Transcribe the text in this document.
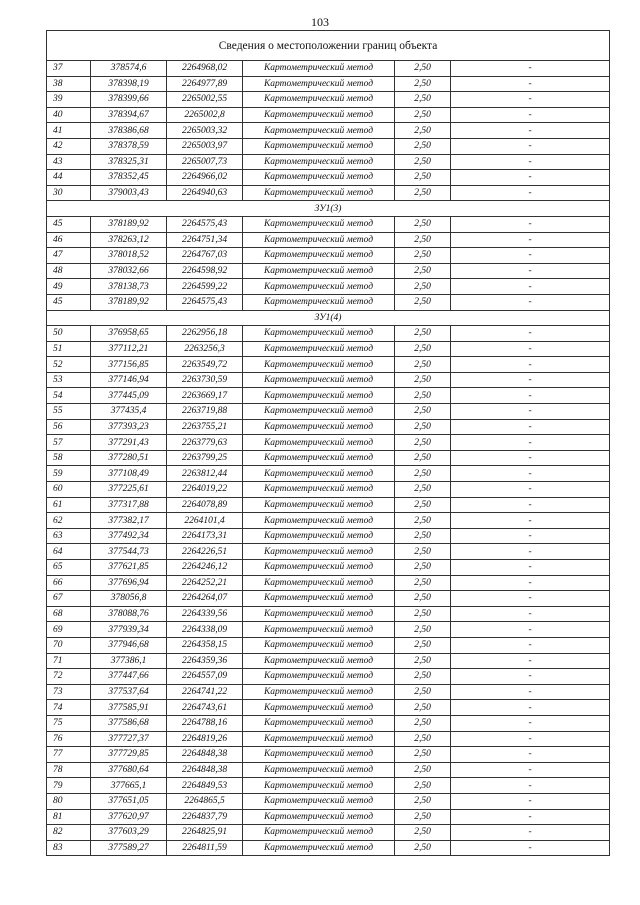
103
Сведения о местоположении границ объекта					
37	378574,6	2264968,02	Картометрический метод	2,50	-
38	378398,19	2264977,89	Картометрический метод	2,50	-
39	378399,66	2265002,55	Картометрический метод	2,50	-
40	378394,67	2265002,8	Картометрический метод	2,50	-
41	378386,68	2265003,32	Картометрический метод	2,50	-
42	378378,59	2265003,97	Картометрический метод	2,50	-
43	378325,31	2265007,73	Картометрический метод	2,50	-
44	378352,45	2264966,02	Картометрический метод	2,50	-
30	379003,43	2264940,63	Картометрический метод	2,50	-
ЗУ1(3)					
45	378189,92	2264575,43	Картометрический метод	2,50	-
46	378263,12	2264751,34	Картометрический метод	2,50	-
47	378018,52	2264767,03	Картометрический метод	2,50	-
48	378032,66	2264598,92	Картометрический метод	2,50	-
49	378138,73	2264599,22	Картометрический метод	2,50	-
45	378189,92	2264575,43	Картометрический метод	2,50	-
ЗУ1(4)					
50	376958,65	2262956,18	Картометрический метод	2,50	-
51	377112,21	2263256,3	Картометрический метод	2,50	-
52	377156,85	2263549,72	Картометрический метод	2,50	-
53	377146,94	2263730,59	Картометрический метод	2,50	-
54	377445,09	2263669,17	Картометрический метод	2,50	-
55	377435,4	2263719,88	Картометрический метод	2,50	-
56	377393,23	2263755,21	Картометрический метод	2,50	-
57	377291,43	2263779,63	Картометрический метод	2,50	-
58	377280,51	2263799,25	Картометрический метод	2,50	-
59	377108,49	2263812,44	Картометрический метод	2,50	-
60	377225,61	2264019,22	Картометрический метод	2,50	-
61	377317,88	2264078,89	Картометрический метод	2,50	-
62	377382,17	2264101,4	Картометрический метод	2,50	-
63	377492,34	2264173,31	Картометрический метод	2,50	-
64	377544,73	2264226,51	Картометрический метод	2,50	-
65	377621,85	2264246,12	Картометрический метод	2,50	-
66	377696,94	2264252,21	Картометрический метод	2,50	-
67	378056,8	2264264,07	Картометрический метод	2,50	-
68	378088,76	2264339,56	Картометрический метод	2,50	-
69	377939,34	2264338,09	Картометрический метод	2,50	-
70	377946,68	2264358,15	Картометрический метод	2,50	-
71	377386,1	2264359,36	Картометрический метод	2,50	-
72	377447,66	2264557,09	Картометрический метод	2,50	-
73	377537,64	2264741,22	Картометрический метод	2,50	-
74	377585,91	2264743,61	Картометрический метод	2,50	-
75	377586,68	2264788,16	Картометрический метод	2,50	-
76	377727,37	2264819,26	Картометрический метод	2,50	-
77	377729,85	2264848,38	Картометрический метод	2,50	-
78	377680,64	2264848,38	Картометрический метод	2,50	-
79	377665,1	2264849,53	Картометрический метод	2,50	-
80	377651,05	2264865,5	Картометрический метод	2,50	-
81	377620,97	2264837,79	Картометрический метод	2,50	-
82	377603,29	2264825,91	Картометрический метод	2,50	-
83	377589,27	2264811,59	Картометрический метод	2,50	-
